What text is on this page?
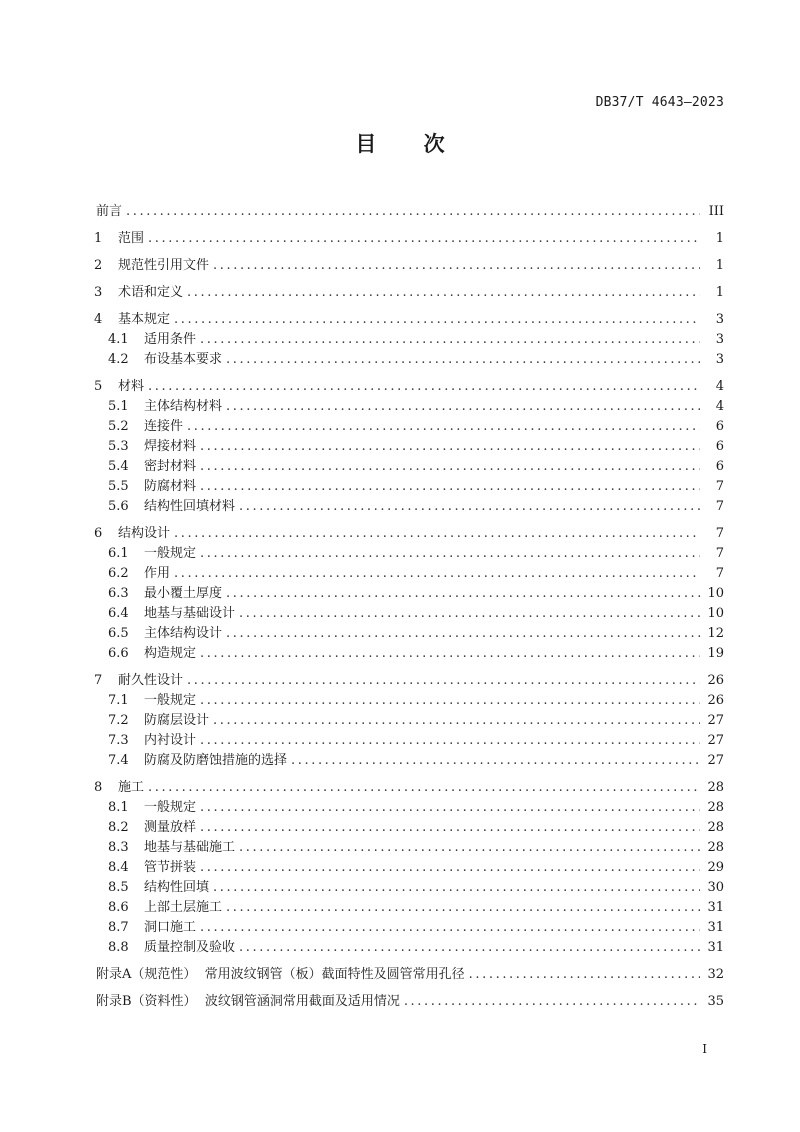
DB37/T 4643—2023
目 次
前言 .....	III
1	范围 .....	1
2	规范性引用文件 .....	1
3	术语和定义 .....	1
4	基本规定 .....	3
4.1	适用条件 .....	3
4.2	布设基本要求 .....	3
5	材料 .....	4
5.1	主体结构材料 .....	4
5.2	连接件 .....	6
5.3	焊接材料 .....	6
5.4	密封材料 .....	6
5.5	防腐材料 .....	7
5.6	结构性回填材料 .....	7
6	结构设计 .....	7
6.1	一般规定 .....	7
6.2	作用 .....	7
6.3	最小覆土厚度 .....	10
6.4	地基与基础设计 .....	10
6.5	主体结构设计 .....	12
6.6	构造规定 .....	19
7	耐久性设计 .....	26
7.1	一般规定 .....	26
7.2	防腐层设计 .....	27
7.3	内衬设计 .....	27
7.4	防腐及防磨蚀措施的选择 .....	27
8	施工 .....	28
8.1	一般规定 .....	28
8.2	测量放样 .....	28
8.3	地基与基础施工 .....	28
8.4	管节拼装 .....	29
8.5	结构性回填 .....	30
8.6	上部土层施工 .....	31
8.7	洞口施工 .....	31
8.8	质量控制及验收 .....	31
附录A（规范性）  常用波纹钢管（板）截面特性及圆管常用孔径 .....	32
附录B（资料性）  波纹钢管涵洞常用截面及适用情况 .....	35
I
